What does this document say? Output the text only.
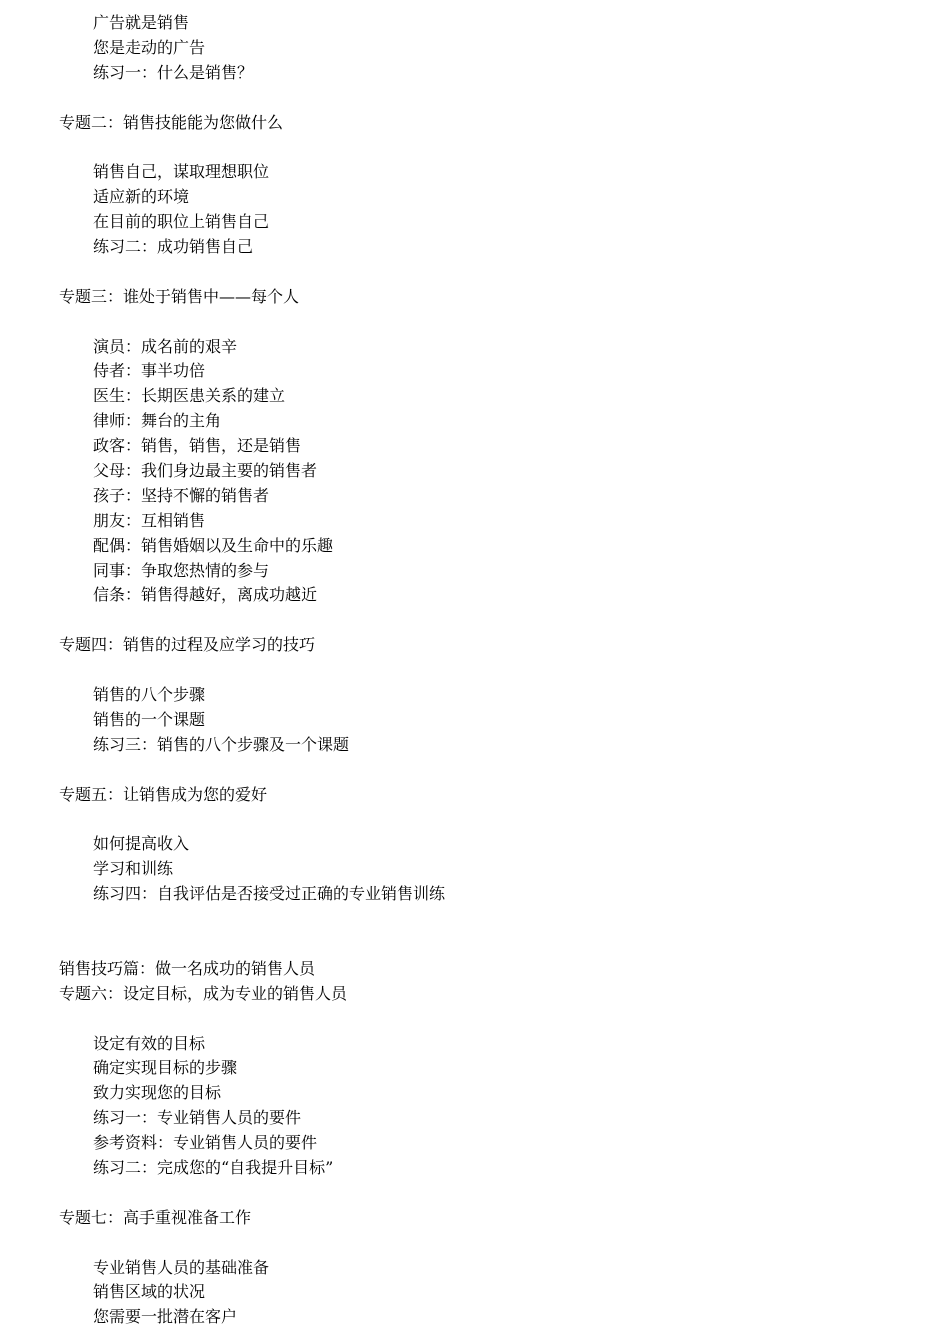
广告就是销售
您是走动的广告
练习一：什么是销售？
专题二：销售技能能为您做什么
销售自己，谋取理想职位
适应新的环境
在目前的职位上销售自己
练习二：成功销售自己
专题三：谁处于销售中——每个人
演员：成名前的艰辛
侍者：事半功倍
医生：长期医患关系的建立
律师：舞台的主角
政客：销售，销售，还是销售
父母：我们身边最主要的销售者
孩子：坚持不懈的销售者
朋友：互相销售
配偶：销售婚姻以及生命中的乐趣
同事：争取您热情的参与
信条：销售得越好，离成功越近
专题四：销售的过程及应学习的技巧
销售的八个步骤
销售的一个课题
练习三：销售的八个步骤及一个课题
专题五：让销售成为您的爱好
如何提高收入
学习和训练
练习四：自我评估是否接受过正确的专业销售训练
销售技巧篇：做一名成功的销售人员
专题六：设定目标，成为专业的销售人员
设定有效的目标
确定实现目标的步骤
致力实现您的目标
练习一：专业销售人员的要件
参考资料：专业销售人员的要件
练习二：完成您的“自我提升目标”
专题七：高手重视准备工作
专业销售人员的基础准备
销售区域的状况
您需要一批潜在客户
